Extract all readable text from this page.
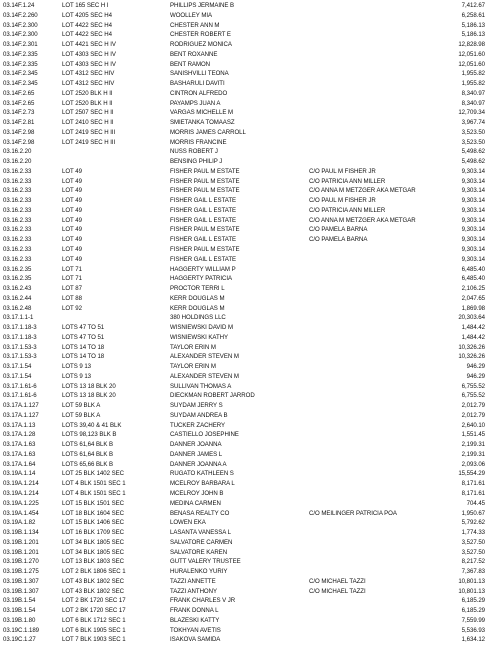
03.14F.1.24	LOT 165 SEC H I	PHILLIPS JERMAINE B	7,412.67
03.14F.2.260	LOT 4205 SEC H4	WOOLLEY MIA	6,258.61
03.14F.2.300	LOT 4422 SEC H4	CHESTER ANN M	5,186.13
03.14F.2.300	LOT 4422 SEC H4	CHESTER ROBERT E	5,186.13
03.14F.2.301	LOT 4421 SEC H IV	RODRIGUEZ MONICA	12,828.98
03.14F.2.335	LOT 4303 SEC H IV	BENT ROXANNE	12,051.60
03.14F.2.335	LOT 4303 SEC H IV	BENT RAMON	12,051.60
03.14F.2.345	LOT 4312 SEC HIV	SANISHVILLI TEONA	1,955.82
03.14F.2.345	LOT 4312 SEC HIV	BASHARULI DAVITI	1,955.82
03.14F.2.65	LOT 2520 BLK H II	CINTRON ALFREDO	8,340.97
03.14F.2.65	LOT 2520 BLK H II	PAYAMPS JUAN A	8,340.97
03.14F.2.73	LOT 2507 SEC H II	VARGAS MICHELLE M	12,709.34
03.14F.2.81	LOT 2410 SEC H II	SMIETANKA TOMAASZ	3,967.74
03.14F.2.98	LOT 2419 SEC H III	MORRIS JAMES CARROLL	3,523.50
03.14F.2.98	LOT 2419 SEC H III	MORRIS FRANCINE	3,523.50
03.16.2.20	NUSS ROBERT J	5,498.62
03.16.2.20	BENSING PHILIP J	5,498.62
03.16.2.33	LOT 49	FISHER PAUL M ESTATE	C/O PAUL M FISHER JR	9,303.14
03.16.2.33	LOT 49	FISHER PAUL M ESTATE	C/O PATRICIA ANN MILLER	9,303.14
03.16.2.33	LOT 49	FISHER PAUL M ESTATE	C/O ANNA M METZGER AKA METGAR	9,303.14
03.16.2.33	LOT 49	FISHER GAIL L ESTATE	C/O PAUL M FISHER JR	9,303.14
03.16.2.33	LOT 49	FISHER GAIL L ESTATE	C/O PATRICIA ANN MILLER	9,303.14
03.16.2.33	LOT 49	FISHER GAIL L ESTATE	C/O ANNA M METZGER AKA METGAR	9,303.14
03.16.2.33	LOT 49	FISHER PAUL M ESTATE	C/O PAMELA BARNA	9,303.14
03.16.2.33	LOT 49	FISHER GAIL L ESTATE	C/O PAMELA BARNA	9,303.14
03.16.2.33	LOT 49	FISHER PAUL M ESTATE	9,303.14
03.16.2.33	LOT 49	FISHER GAIL L ESTATE	9,303.14
03.16.2.35	LOT 71	HAGGERTY WILLIAM P	6,485.40
03.16.2.35	LOT 71	HAGGERTY PATRICIA	6,485.40
03.16.2.43	LOT 87	PROCTOR TERRI L	2,106.25
03.16.2.44	LOT 88	KERR DOUGLAS M	2,047.65
03.16.2.48	LOT 92	KERR DOUGLAS M	1,869.98
03.17.1.1-1	380 HOLDINGS LLC	20,303.64
03.17.1.18-3	LOTS 47 TO 51	WISNIEWSKI DAVID M	1,484.42
03.17.1.18-3	LOTS 47 TO 51	WISNIEWSKI KATHY	1,484.42
03.17.1.53-3	LOTS 14 TO 18	TAYLOR ERIN M	10,326.26
03.17.1.53-3	LOTS 14 TO 18	ALEXANDER STEVEN M	10,326.26
03.17.1.54	LOTS 9 13	TAYLOR ERIN M	946.29
03.17.1.54	LOTS 9 13	ALEXANDER STEVEN M	946.29
03.17.1.61-6	LOTS 13 18 BLK 20	SULLIVAN THOMAS A	6,755.52
03.17.1.61-6	LOTS 13 18 BLK 20	DIECKMAN ROBERT JARROD	6,755.52
03.17A.1.127	LOT 59 BLK A	SUYDAM JERRY S	2,012.79
03.17A.1.127	LOT 59 BLK A	SUYDAM ANDREA B	2,012.79
03.17A.1.13	LOTS 39,40 & 41 BLK	TUCKER ZACHERY	2,640.10
03.17A.1.28	LOTS 98,123 BLK B	CASTIELLO JOSEPHINE	1,551.45
03.17A.1.63	LOTS 61,64 BLK B	DANNER JOANNA	2,199.31
03.17A.1.63	LOTS 61,64 BLK B	DANNER JAMES L	2,199.31
03.17A.1.64	LOTS 65,66 BLK B	DANNER JOANNA A	2,093.06
03.19A.1.14	LOT 25 BLK 1402 SEC	RUGATO KATHLEEN S	15,554.29
03.19A.1.214	LOT 4 BLK 1501 SEC 1	MCELROY BARBARA L	8,171.61
03.19A.1.214	LOT 4 BLK 1501 SEC 1	MCELROY JOHN B	8,171.61
03.19A.1.225	LOT 15 BLK 1501 SEC	MEDINA CARMEN	704.45
03.19A.1.454	LOT 18 BLK 1604 SEC	BENASA REALTY CO	C/O MEILINGER PATRICIA POA	1,950.67
03.19A.1.82	LOT 15 BLK 1406 SEC	LOWEN EKA	5,792.62
03.19B.1.134	LOT 16 BLK 1709 SEC	LASANTA VANESSA L	1,774.33
03.19B.1.201	LOT 34 BLK 1805 SEC	SALVATORE CARMEN	3,527.50
03.19B.1.201	LOT 34 BLK 1805 SEC	SALVATORE KAREN	3,527.50
03.19B.1.270	LOT 13 BLK 1803 SEC	GUTT VALERY TRUSTEE	8,217.52
03.19B.1.275	LOT 2 BLK 1806 SEC 1	HURALENKO YURIY	7,367.83
03.19B.1.307	LOT 43 BLK 1802 SEC	TAZZI ANNETTE	C/O MICHAEL TAZZI	10,801.13
03.19B.1.307	LOT 43 BLK 1802 SEC	TAZZI ANTHONY	C/O MICHAEL TAZZI	10,801.13
03.19B.1.54	LOT 2 BK 1720 SEC 17	FRANK CHARLES V JR	6,185.29
03.19B.1.54	LOT 2 BK 1720 SEC 17	FRANK DONNA L	6,185.29
03.19B.1.80	LOT 6 BLK 1712 SEC 1	BLAZESKI KATTY	7,559.99
03.19C.1.189	LOT 6 BLK 1905 SEC 1	TOKHYAN AVETIS	5,536.93
03.19C.1.27	LOT 7 BLK 1903 SEC 1	ISAKOVA SAMIDA	1,634.12
